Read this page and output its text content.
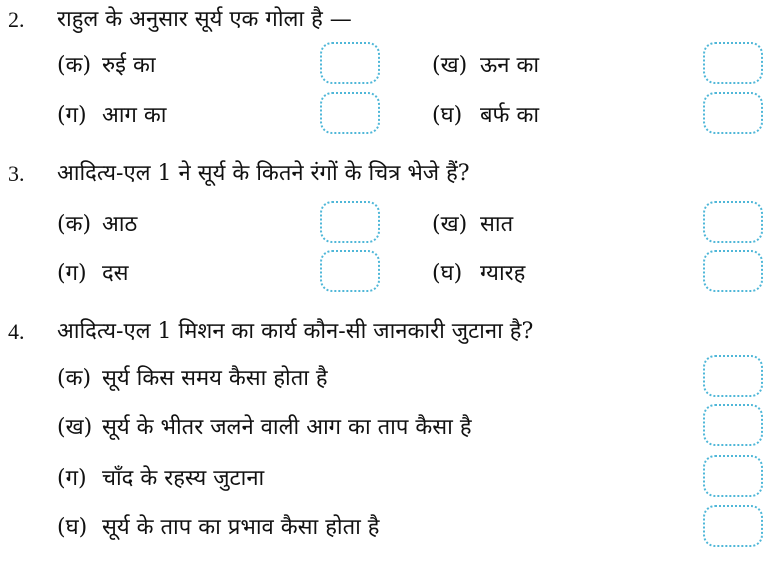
2. राहुल के अनुसार सूर्य एक गोला है —
(क) रुई का	(ख) ऊन का
(ग) आग का	(घ) बर्फ का
3. आदित्य-एल 1 ने सूर्य के कितने रंगों के चित्र भेजे हैं?
(क) आठ	(ख) सात
(ग) दस	(घ) ग्यारह
4. आदित्य-एल 1 मिशन का कार्य कौन-सी जानकारी जुटाना है?
(क) सूर्य किस समय कैसा होता है
(ख) सूर्य के भीतर जलने वाली आग का ताप कैसा है
(ग) चाँद के रहस्य जुटाना
(घ) सूर्य के ताप का प्रभाव कैसा होता है
